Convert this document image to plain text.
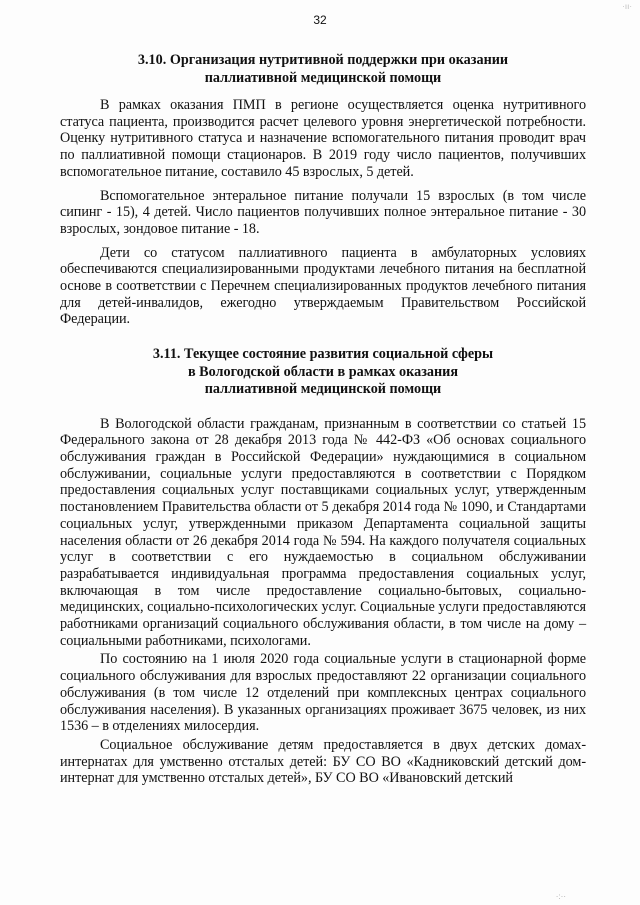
·ıı·
32
3.10. Организация нутритивной поддержки при оказании
паллиативной медицинской помощи

В рамках оказания ПМП в регионе осуществляется оценка нутритивного статуса пациента, производится расчет целевого уровня энергетической потребности. Оценку нутритивного статуса и назначение вспомогательного питания проводит врач по паллиативной помощи стационаров. В 2019 году число пациентов, получивших вспомогательное питание, составило 45 взрослых, 5 детей.

Вспомогательное энтеральное питание получали 15 взрослых (в том числе сипинг - 15), 4 детей. Число пациентов получивших полное энтеральное питание - 30 взрослых, зондовое питание - 18.

Дети со статусом паллиативного пациента в амбулаторных условиях обеспечиваются специализированными продуктами лечебного питания на бесплатной основе в соответствии с Перечнем специализированных продуктов лечебного питания для детей-инвалидов, ежегодно утверждаемым Правительством Российской Федерации.

3.11. Текущее состояние развития социальной сферы
в Вологодской области в рамках оказания
паллиативной медицинской помощи

В Вологодской области гражданам, признанным в соответствии со статьей 15 Федерального закона от 28 декабря 2013 года № 442-ФЗ «Об основах социального обслуживания граждан в Российской Федерации» нуждающимися в социальном обслуживании, социальные услуги предоставляются в соответствии с Порядком предоставления социальных услуг поставщиками социальных услуг, утвержденным постановлением Правительства области от 5 декабря 2014 года № 1090, и Стандартами социальных услуг, утвержденными приказом Департамента социальной защиты населения области от 26 декабря 2014 года № 594. На каждого получателя социальных услуг в соответствии с его нуждаемостью в социальном обслуживании разрабатывается индивидуальная программа предоставления социальных услуг, включающая в том числе предоставление социально-бытовых, социально-медицинских, социально-психологических услуг. Социальные услуги предоставляются работниками организаций социального обслуживания области, в том числе на дому – социальными работниками, психологами.

По состоянию на 1 июля 2020 года социальные услуги в стационарной форме социального обслуживания для взрослых предоставляют 22 организации социального обслуживания (в том числе 12 отделений при комплексных центрах социального обслуживания населения). В указанных организациях проживает 3675 человек, из них 1536 – в отделениях милосердия.

Социальное обслуживание детям предоставляется в двух детских домах-интернатах для умственно отсталых детей: БУ СО ВО «Кадниковский детский дом-интернат для умственно отсталых детей», БУ СО ВО «Ивановский детский

·:··
